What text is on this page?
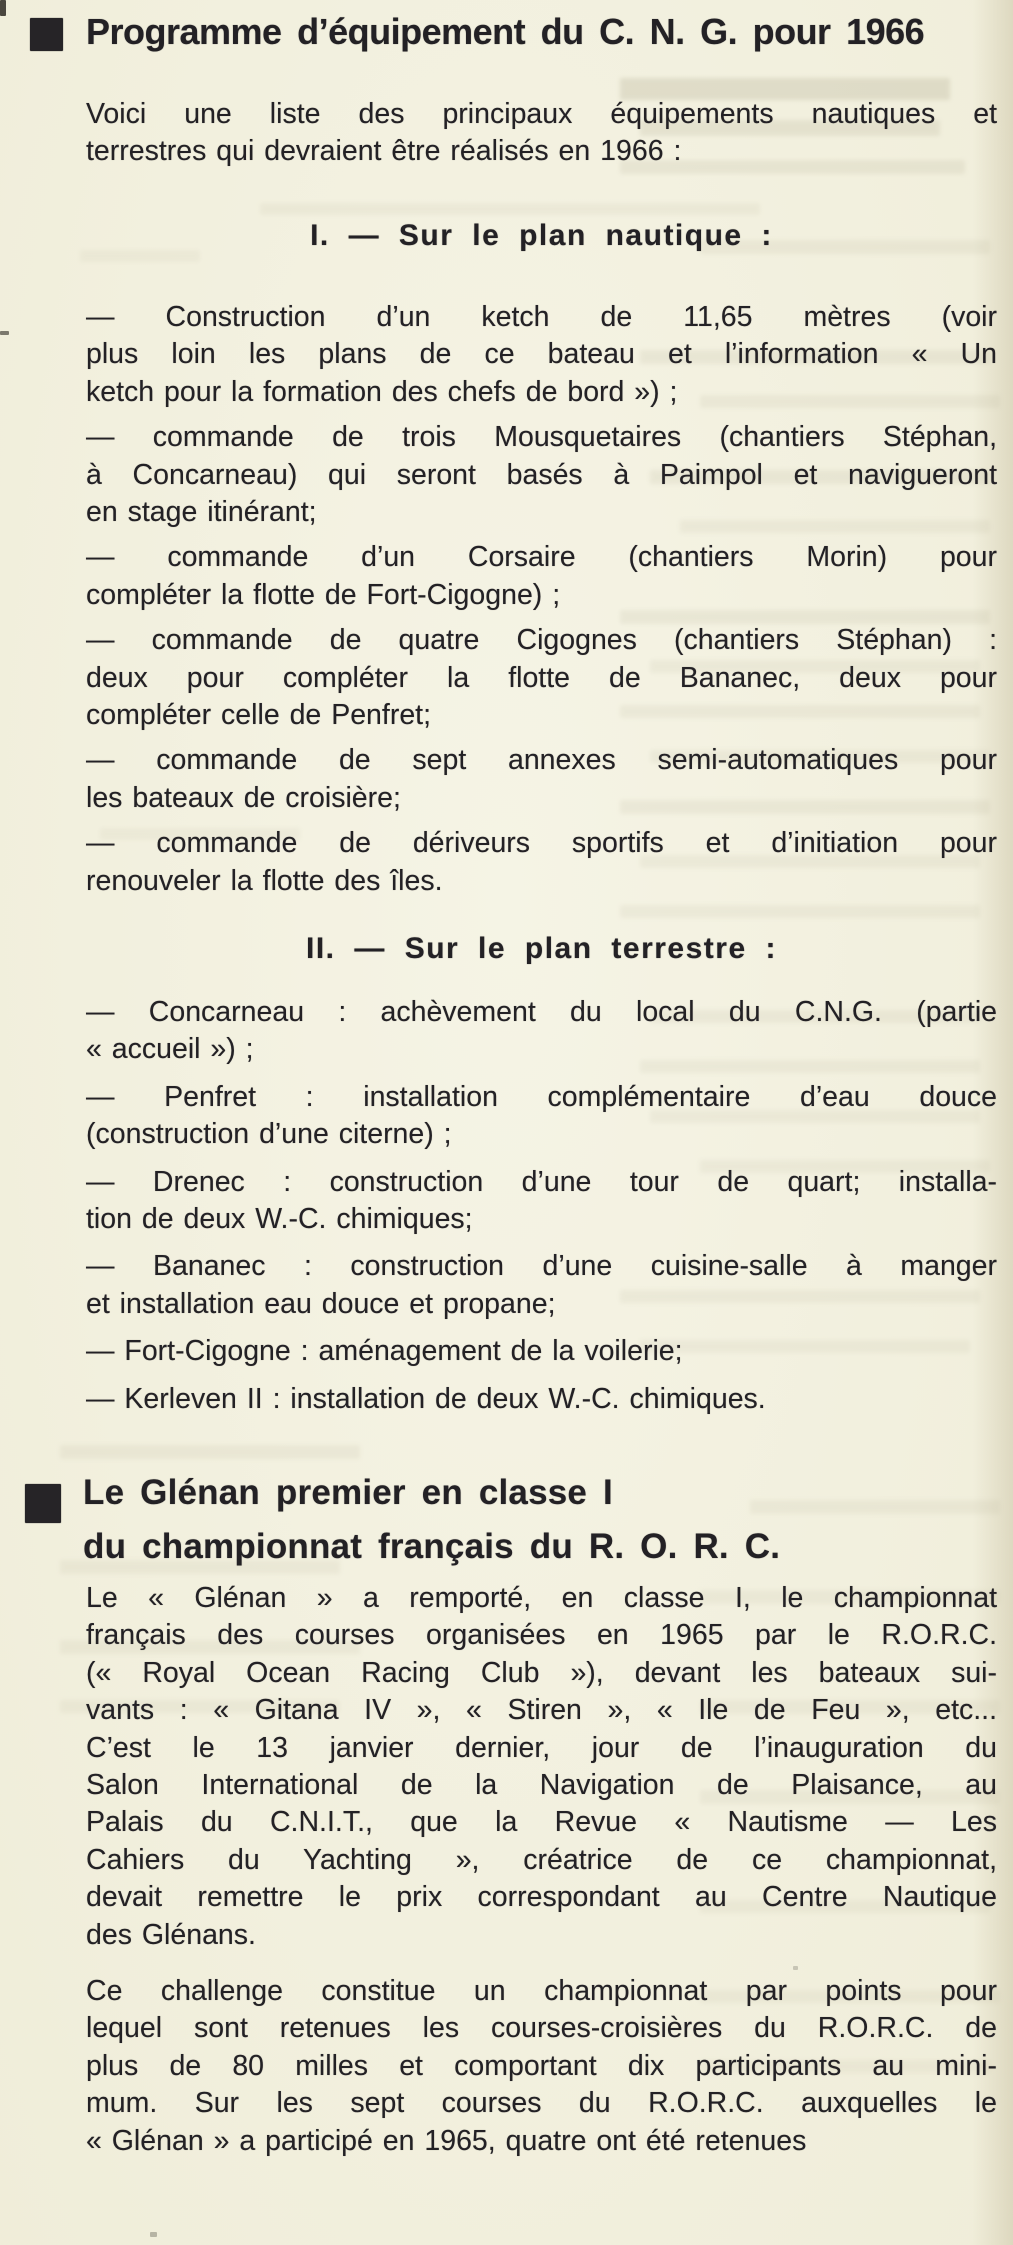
Programme d’équipement du C. N. G. pour 1966
Voici une liste des principaux équipements nautiques et
terrestres qui devraient être réalisés en 1966 :
I. — Sur le plan nautique :
— Construction d’un ketch de 11,65 mètres (voir
plus loin les plans de ce bateau et l’information « Un
ketch pour la formation des chefs de bord ») ;
— commande de trois Mousquetaires (chantiers Stéphan,
à Concarneau) qui seront basés à Paimpol et navigueront
en stage itinérant;
— commande d’un Corsaire (chantiers Morin) pour
compléter la flotte de Fort-Cigogne) ;
— commande de quatre Cigognes (chantiers Stéphan) :
deux pour compléter la flotte de Bananec, deux pour
compléter celle de Penfret;
— commande de sept annexes semi-automatiques pour
les bateaux de croisière;
— commande de dériveurs sportifs et d’initiation pour
renouveler la flotte des îles.
II. — Sur le plan terrestre :
— Concarneau : achèvement du local du C.N.G. (partie
« accueil ») ;
— Penfret : installation complémentaire d’eau douce
(construction d’une citerne) ;
— Drenec : construction d’une tour de quart; installa-
tion de deux W.-C. chimiques;
— Bananec : construction d’une cuisine-salle à manger
et installation eau douce et propane;
— Fort-Cigogne : aménagement de la voilerie;
— Kerleven II : installation de deux W.-C. chimiques.
Le Glénan premier en classe I
du championnat français du R. O. R. C.
Le « Glénan » a remporté, en classe I, le championnat
français des courses organisées en 1965 par le R.O.R.C.
(« Royal Ocean Racing Club »), devant les bateaux sui-
vants : « Gitana IV », « Stiren », « Ile de Feu », etc...
C’est le 13 janvier dernier, jour de l’inauguration du
Salon International de la Navigation de Plaisance, au
Palais du C.N.I.T., que la Revue « Nautisme — Les
Cahiers du Yachting », créatrice de ce championnat,
devait remettre le prix correspondant au Centre Nautique
des Glénans.
Ce challenge constitue un championnat par points pour
lequel sont retenues les courses-croisières du R.O.R.C. de
plus de 80 milles et comportant dix participants au mini-
mum. Sur les sept courses du R.O.R.C. auxquelles le
« Glénan » a participé en 1965, quatre ont été retenues
